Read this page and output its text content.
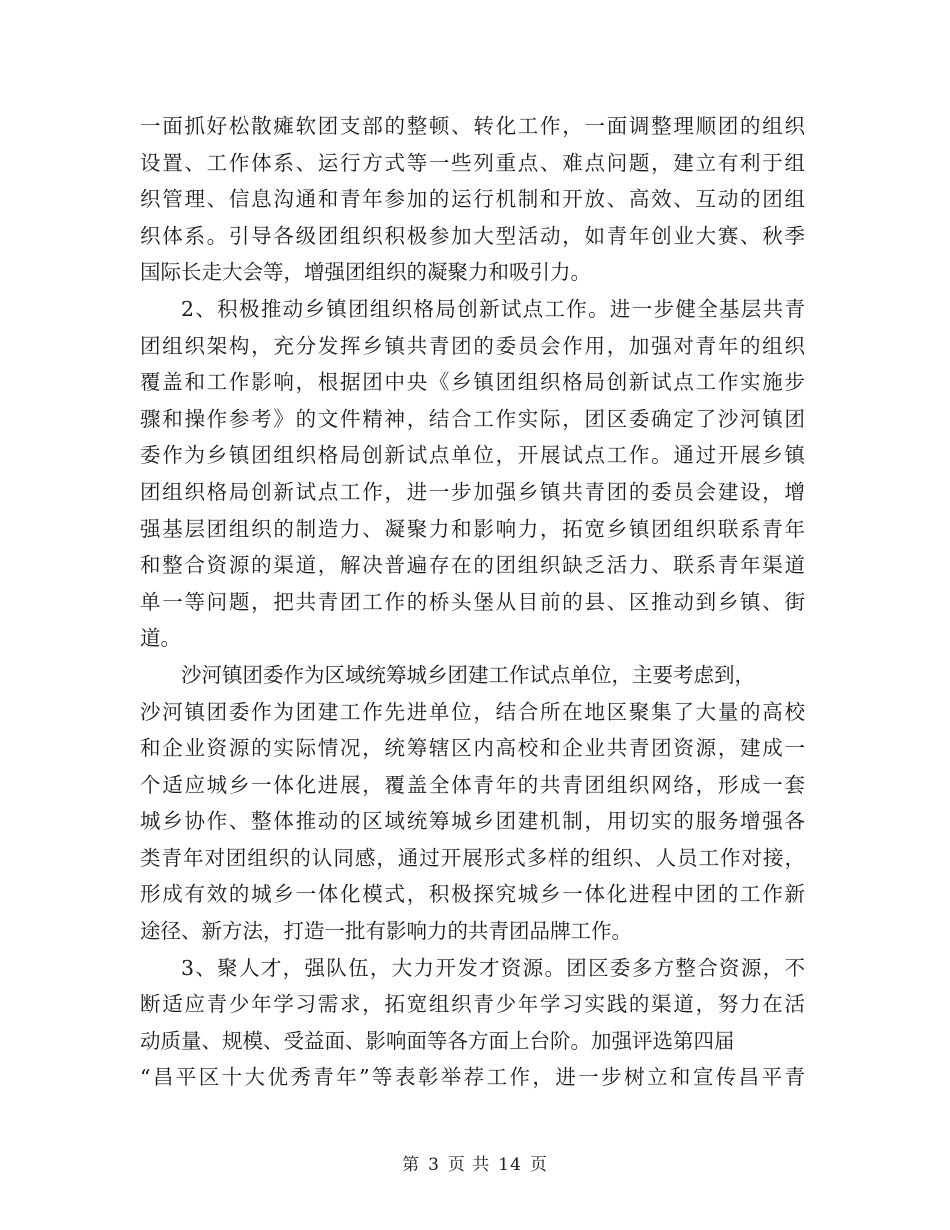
一面抓好松散瘫软团支部的整顿、转化工作，一面调整理顺团的组织
设置、工作体系、运行方式等一些列重点、难点问题，建立有利于组
织管理、信息沟通和青年参加的运行机制和开放、高效、互动的团组
织体系。引导各级团组织积极参加大型活动，如青年创业大赛、秋季
国际长走大会等，增强团组织的凝聚力和吸引力。

2、积极推动乡镇团组织格局创新试点工作。进一步健全基层共青
团组织架构，充分发挥乡镇共青团的委员会作用，加强对青年的组织
覆盖和工作影响，根据团中央《乡镇团组织格局创新试点工作实施步
骤和操作参考》的文件精神，结合工作实际，团区委确定了沙河镇团
委作为乡镇团组织格局创新试点单位，开展试点工作。通过开展乡镇
团组织格局创新试点工作，进一步加强乡镇共青团的委员会建设，增
强基层团组织的制造力、凝聚力和影响力，拓宽乡镇团组织联系青年
和整合资源的渠道，解决普遍存在的团组织缺乏活力、联系青年渠道
单一等问题，把共青团工作的桥头堡从目前的县、区推动到乡镇、街
道。

沙河镇团委作为区域统筹城乡团建工作试点单位，主要考虑到，
沙河镇团委作为团建工作先进单位，结合所在地区聚集了大量的高校
和企业资源的实际情况，统筹辖区内高校和企业共青团资源，建成一
个适应城乡一体化进展，覆盖全体青年的共青团组织网络，形成一套
城乡协作、整体推动的区域统筹城乡团建机制，用切实的服务增强各
类青年对团组织的认同感，通过开展形式多样的组织、人员工作对接，
形成有效的城乡一体化模式，积极探究城乡一体化进程中团的工作新
途径、新方法，打造一批有影响力的共青团品牌工作。

3、聚人才，强队伍，大力开发才资源。团区委多方整合资源，不
断适应青少年学习需求，拓宽组织青少年学习实践的渠道，努力在活
动质量、规模、受益面、影响面等各方面上台阶。加强评选第四届
“昌平区十大优秀青年”等表彰举荐工作，进一步树立和宣传昌平青

第 3 页 共 14 页
